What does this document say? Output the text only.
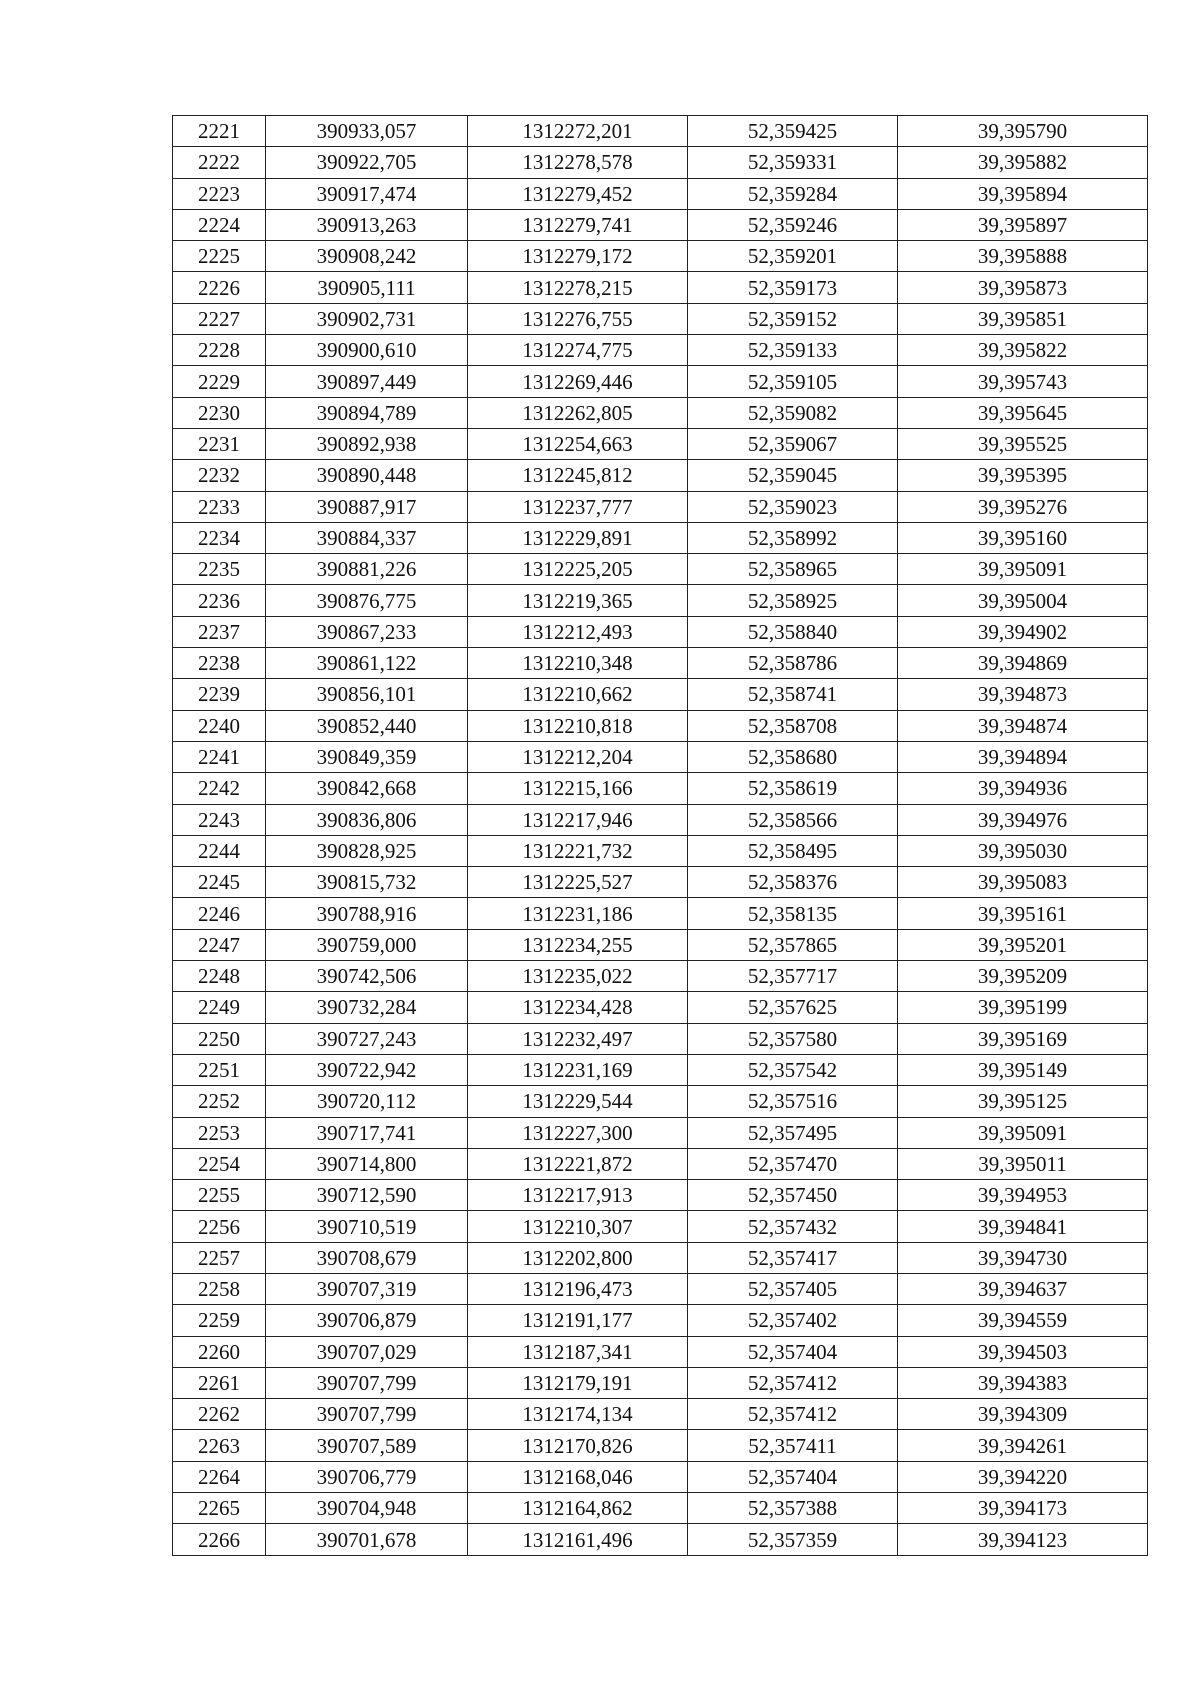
2221	390933,057	1312272,201	52,359425	39,395790
2222	390922,705	1312278,578	52,359331	39,395882
2223	390917,474	1312279,452	52,359284	39,395894
2224	390913,263	1312279,741	52,359246	39,395897
2225	390908,242	1312279,172	52,359201	39,395888
2226	390905,111	1312278,215	52,359173	39,395873
2227	390902,731	1312276,755	52,359152	39,395851
2228	390900,610	1312274,775	52,359133	39,395822
2229	390897,449	1312269,446	52,359105	39,395743
2230	390894,789	1312262,805	52,359082	39,395645
2231	390892,938	1312254,663	52,359067	39,395525
2232	390890,448	1312245,812	52,359045	39,395395
2233	390887,917	1312237,777	52,359023	39,395276
2234	390884,337	1312229,891	52,358992	39,395160
2235	390881,226	1312225,205	52,358965	39,395091
2236	390876,775	1312219,365	52,358925	39,395004
2237	390867,233	1312212,493	52,358840	39,394902
2238	390861,122	1312210,348	52,358786	39,394869
2239	390856,101	1312210,662	52,358741	39,394873
2240	390852,440	1312210,818	52,358708	39,394874
2241	390849,359	1312212,204	52,358680	39,394894
2242	390842,668	1312215,166	52,358619	39,394936
2243	390836,806	1312217,946	52,358566	39,394976
2244	390828,925	1312221,732	52,358495	39,395030
2245	390815,732	1312225,527	52,358376	39,395083
2246	390788,916	1312231,186	52,358135	39,395161
2247	390759,000	1312234,255	52,357865	39,395201
2248	390742,506	1312235,022	52,357717	39,395209
2249	390732,284	1312234,428	52,357625	39,395199
2250	390727,243	1312232,497	52,357580	39,395169
2251	390722,942	1312231,169	52,357542	39,395149
2252	390720,112	1312229,544	52,357516	39,395125
2253	390717,741	1312227,300	52,357495	39,395091
2254	390714,800	1312221,872	52,357470	39,395011
2255	390712,590	1312217,913	52,357450	39,394953
2256	390710,519	1312210,307	52,357432	39,394841
2257	390708,679	1312202,800	52,357417	39,394730
2258	390707,319	1312196,473	52,357405	39,394637
2259	390706,879	1312191,177	52,357402	39,394559
2260	390707,029	1312187,341	52,357404	39,394503
2261	390707,799	1312179,191	52,357412	39,394383
2262	390707,799	1312174,134	52,357412	39,394309
2263	390707,589	1312170,826	52,357411	39,394261
2264	390706,779	1312168,046	52,357404	39,394220
2265	390704,948	1312164,862	52,357388	39,394173
2266	390701,678	1312161,496	52,357359	39,394123
